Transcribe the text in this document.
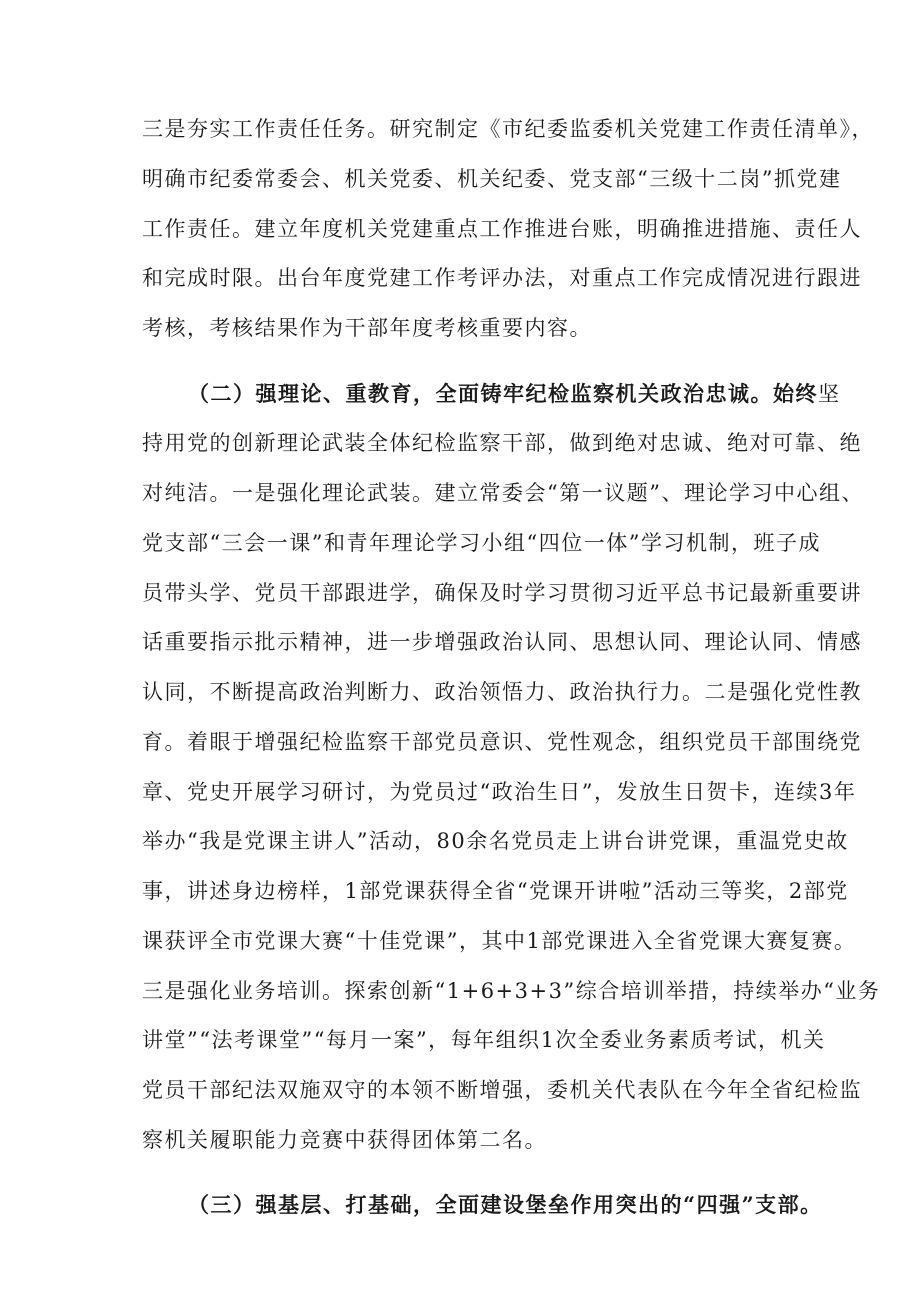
三是夯实工作责任任务。研究制定《市纪委监委机关党建工作责任清单》，
明确市纪委常委会、机关党委、机关纪委、党支部“三级十二岗”抓党建
工作责任。建立年度机关党建重点工作推进台账，明确推进措施、责任人
和完成时限。出台年度党建工作考评办法，对重点工作完成情况进行跟进
考核，考核结果作为干部年度考核重要内容。
（二）强理论、重教育，全面铸牢纪检监察机关政治忠诚。始终坚
持用党的创新理论武装全体纪检监察干部，做到绝对忠诚、绝对可靠、绝
对纯洁。一是强化理论武装。建立常委会“第一议题”、理论学习中心组、
党支部“三会一课”和青年理论学习小组“四位一体”学习机制，班子成
员带头学、党员干部跟进学，确保及时学习贯彻习近平总书记最新重要讲
话重要指示批示精神，进一步增强政治认同、思想认同、理论认同、情感
认同，不断提高政治判断力、政治领悟力、政治执行力。二是强化党性教
育。着眼于增强纪检监察干部党员意识、党性观念，组织党员干部围绕党
章、党史开展学习研讨，为党员过“政治生日”，发放生日贺卡，连续3年
举办“我是党课主讲人”活动，80余名党员走上讲台讲党课，重温党史故
事，讲述身边榜样，1部党课获得全省“党课开讲啦”活动三等奖，2部党
课获评全市党课大赛“十佳党课”，其中1部党课进入全省党课大赛复赛。
三是强化业务培训。探索创新“1+6+3+3”综合培训举措，持续举办“业务
讲堂”“法考课堂”“每月一案”，每年组织1次全委业务素质考试，机关
党员干部纪法双施双守的本领不断增强，委机关代表队在今年全省纪检监
察机关履职能力竞赛中获得团体第二名。
（三）强基层、打基础，全面建设堡垒作用突出的“四强”支部。
